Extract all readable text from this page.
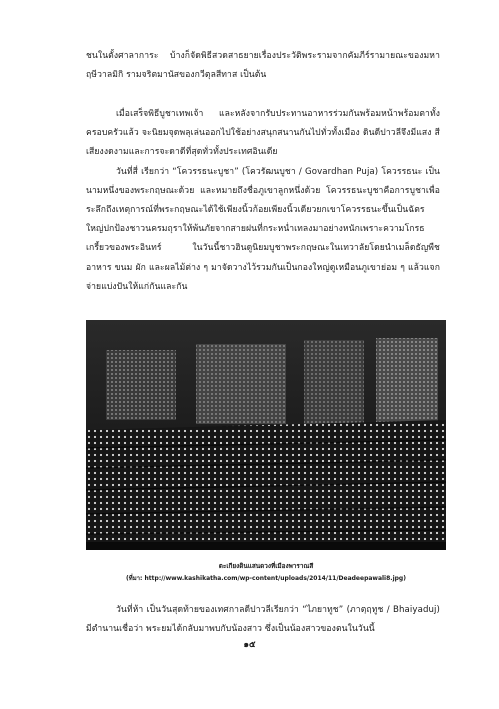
ชนในตั้งศาลาการะ บ้างก็จัดพิธีสวดสาธยายเรื่องประวัติพระรามจากคัมภีร์รามายณะของมหาฤษีวาลมิกิ รามจริตมานัสของกวีตุลสีทาส เป็นต้น

เมื่อเสร็จพิธีบูชาเทพเจ้า และหลังจากรับประทานอาหารร่วมกันพร้อมหน้าพร้อมตาทั้งครอบครัวแล้ว จะนิยมจุดพลุเล่นออกไปใช้อย่างสนุกสนานกันไปทั่วทั้งเมือง ดินดีปาวลีจึงมีแสง สี เสียงงดงามและการจะดาดีที่สุดทั่วทั้งประเทศอินเดีย

วันที่สี่ เรียกว่า “โควรรธนะบูชา” (โควรัฒนบูชา / Govardhan Puja) โควรรธนะ เป็นนามหนึ่งของพระกฤษณะด้วย และหมายถึงชื่อภูเขาลูกหนึ่งด้วย โควรรธนะบูชาคือการบูชาเพื่อระลึกถึงเหตุการณ์ที่พระกฤษณะได้ใช้เพียงนิ้วก้อยเพียงนิ้วเดียวยกเขาโควรรธนะขึ้นเป็นฉัตรใหญ่ปกป้องชาวนครมถุราให้พ้นภัยจากสายฝนที่กระหน่ำเทลงมาอย่างหนักเพราะความโกรธเกรี้ยวของพระอินทร์ ในวันนี้ชาวฮินดูนิยมบูชาพระกฤษณะในเทวาลัยโดยนำเมล็ดธัญพืช อาหาร ขนม ผัก และผลไม้ต่าง ๆ มาจัดวางไว้รวมกันเป็นกองใหญ่ดูเหมือนภูเขาย่อม ๆ แล้วแจกจ่ายแบ่งปันให้แก่กันและกัน

ตะเกียงดินแสนดวงที่เมืองพาราณสี
(ที่มา: http://www.kashikatha.com/wp-content/uploads/2014/11/Deadeepawali8.jpg)

วันที่ห้า เป็นวันสุดท้ายของเทศกาลดีปาวลีเรียกว่า “ไภยาทูช” (ภาตฺฤทูช / Bhaiyaduj) มีตำนานเชื่อว่า พระยมได้กลับมาพบกับน้องสาว ซึ่งเป็นน้องสาวของตนในวันนี้

๑๕
